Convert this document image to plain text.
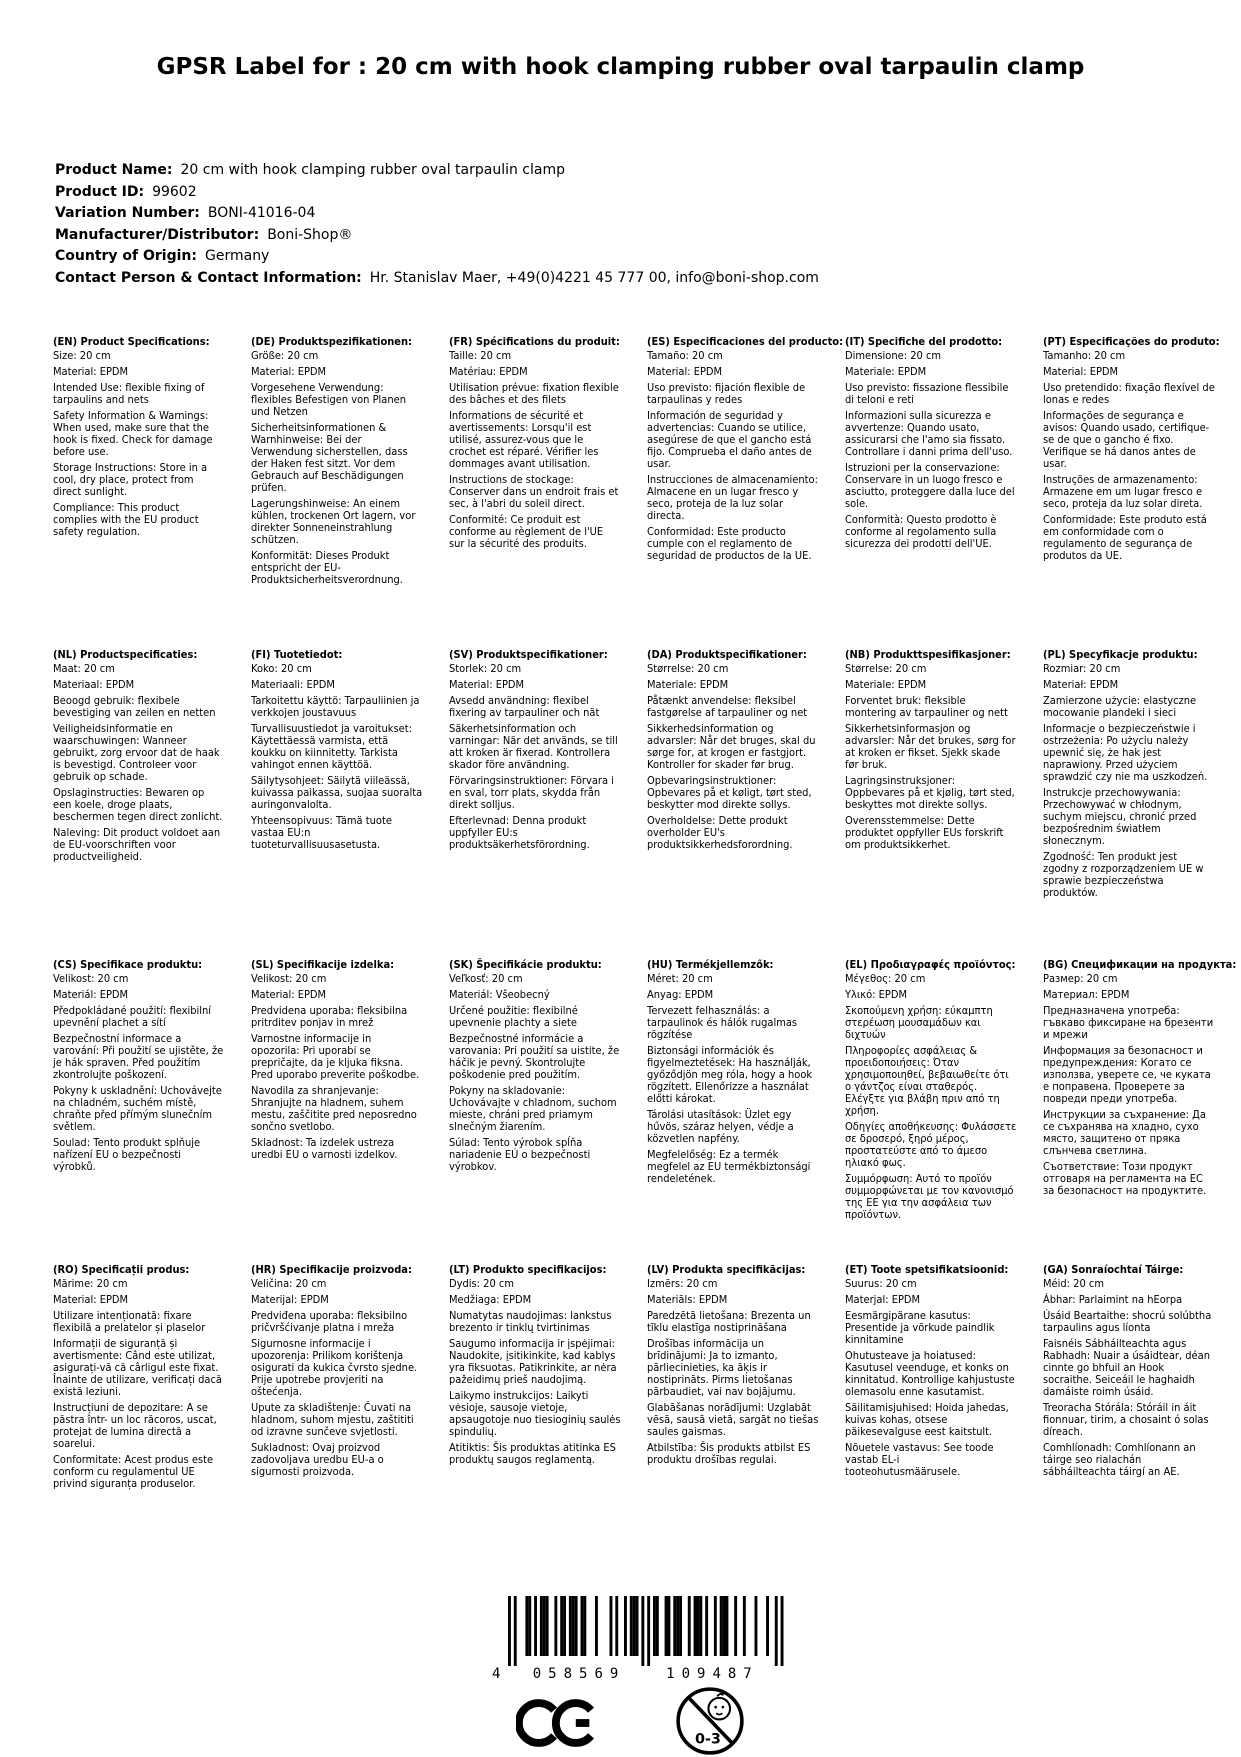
GPSR Label for : 20 cm with hook clamping rubber oval tarpaulin clamp
Product Name: 20 cm with hook clamping rubber oval tarpaulin clamp
Product ID: 99602
Variation Number: BONI-41016-04
Manufacturer/Distributor: Boni-Shop®
Country of Origin: Germany
Contact Person & Contact Information: Hr. Stanislav Maer, +49(0)4221 45 777 00, info@boni-shop.com
(EN) Product Specifications:

Size: 20 cm

Material: EPDM

Intended Use: flexible fixing of tarpaulins and nets

Safety Information & Warnings: When used, make sure that the hook is fixed. Check for damage before use.

Storage Instructions: Store in a cool, dry place, protect from direct sunlight.

Compliance: This product complies with the EU product safety regulation.

(DE) Produktspezifikationen:

Größe: 20 cm

Material: EPDM

Vorgesehene Verwendung: flexibles Befestigen von Planen und Netzen

Sicherheitsinformationen & Warnhinweise: Bei der Verwendung sicherstellen, dass der Haken fest sitzt. Vor dem Gebrauch auf Beschädigungen prüfen.

Lagerungshinweise: An einem kühlen, trockenen Ort lagern, vor direkter Sonneneinstrahlung schützen.

Konformität: Dieses Produkt entspricht der EU-Produktsicherheitsverordnung.

(FR) Spécifications du produit:

Taille: 20 cm

Matériau: EPDM

Utilisation prévue: fixation flexible des bâches et des filets

Informations de sécurité et avertissements: Lorsqu'il est utilisé, assurez-vous que le crochet est réparé. Vérifier les dommages avant utilisation.

Instructions de stockage: Conserver dans un endroit frais et sec, à l'abri du soleil direct.

Conformité: Ce produit est conforme au règlement de l'UE sur la sécurité des produits.

(ES) Especificaciones del producto:

Tamaño: 20 cm

Material: EPDM

Uso previsto: fijación flexible de tarpaulinas y redes

Información de seguridad y advertencias: Cuando se utilice, asegúrese de que el gancho está fijo. Comprueba el daño antes de usar.

Instrucciones de almacenamiento: Almacene en un lugar fresco y seco, proteja de la luz solar directa.

Conformidad: Este producto cumple con el reglamento de seguridad de productos de la UE.

(IT) Specifiche del prodotto:

Dimensione: 20 cm

Materiale: EPDM

Uso previsto: fissazione flessibile di teloni e reti

Informazioni sulla sicurezza e avvertenze: Quando usato, assicurarsi che l'amo sia fissato. Controllare i danni prima dell'uso.

Istruzioni per la conservazione: Conservare in un luogo fresco e asciutto, proteggere dalla luce del sole.

Conformità: Questo prodotto è conforme al regolamento sulla sicurezza dei prodotti dell'UE.

(PT) Especificações do produto:

Tamanho: 20 cm

Material: EPDM

Uso pretendido: fixação flexível de lonas e redes

Informações de segurança e avisos: Quando usado, certifique-se de que o gancho é fixo. Verifique se há danos antes de usar.

Instruções de armazenamento: Armazene em um lugar fresco e seco, proteja da luz solar direta.

Conformidade: Este produto está em conformidade com o regulamento de segurança de produtos da UE.

(NL) Productspecificaties:

Maat: 20 cm

Materiaal: EPDM

Beoogd gebruik: flexibele bevestiging van zeilen en netten

Veiligheidsinformatie en waarschuwingen: Wanneer gebruikt, zorg ervoor dat de haak is bevestigd. Controleer voor gebruik op schade.

Opslaginstructies: Bewaren op een koele, droge plaats, beschermen tegen direct zonlicht.

Naleving: Dit product voldoet aan de EU-voorschriften voor productveiligheid.

(FI) Tuotetiedot:

Koko: 20 cm

Materiaali: EPDM

Tarkoitettu käyttö: Tarpauliinien ja verkkojen joustavuus

Turvallisuustiedot ja varoitukset: Käytettäessä varmista, että koukku on kiinnitetty. Tarkista vahingot ennen käyttöä.

Säilytysohjeet: Säilytä viileässä, kuivassa paikassa, suojaa suoralta auringonvalolta.

Yhteensopivuus: Tämä tuote vastaa EU:n tuoteturvallisuusasetusta.

(SV) Produktspecifikationer:

Storlek: 20 cm

Material: EPDM

Avsedd användning: flexibel fixering av tarpauliner och nät

Säkerhetsinformation och varningar: När det används, se till att kroken är fixerad. Kontrollera skador före användning.

Förvaringsinstruktioner: Förvara i en sval, torr plats, skydda från direkt solljus.

Efterlevnad: Denna produkt uppfyller EU:s produktsäkerhetsförordning.

(DA) Produktspecifikationer:

Størrelse: 20 cm

Materiale: EPDM

Påtænkt anvendelse: fleksibel fastgørelse af tarpauliner og net

Sikkerhedsinformation og advarsler: Når det bruges, skal du sørge for, at krogen er fastgjort. Kontroller for skader før brug.

Opbevaringsinstruktioner: Opbevares på et køligt, tørt sted, beskytter mod direkte sollys.

Overholdelse: Dette produkt overholder EU's produktsikkerhedsforordning.

(NB) Produkttspesifikasjoner:

Størrelse: 20 cm

Materiale: EPDM

Forventet bruk: fleksible montering av tarpauliner og nett

Sikkerhetsinformasjon og advarsler: Når det brukes, sørg for at kroken er fikset. Sjekk skade før bruk.

Lagringsinstruksjoner: Oppbevares på et kjølig, tørt sted, beskyttes mot direkte sollys.

Overensstemmelse: Dette produktet oppfyller EUs forskrift om produktsikkerhet.

(PL) Specyfikacje produktu:

Rozmiar: 20 cm

Materiał: EPDM

Zamierzone użycie: elastyczne mocowanie plandeki i sieci

Informacje o bezpieczeństwie i ostrzeżenia: Po użyciu należy upewnić się, że hak jest naprawiony. Przed użyciem sprawdzić czy nie ma uszkodzeń.

Instrukcje przechowywania: Przechowywać w chłodnym, suchym miejscu, chronić przed bezpośrednim światłem słonecznym.

Zgodność: Ten produkt jest zgodny z rozporządzeniem UE w sprawie bezpieczeństwa produktów.

(CS) Specifikace produktu:

Velikost: 20 cm

Materiál: EPDM

Předpokládané použití: flexibilní upevnění plachet a sítí

Bezpečnostní informace a varování: Při použití se ujistěte, že je hák spraven. Před použitím zkontrolujte poškození.

Pokyny k uskladnění: Uchovávejte na chladném, suchém místě, chraňte před přímým slunečním světlem.

Soulad: Tento produkt splňuje nařízení EU o bezpečnosti výrobků.

(SL) Specifikacije izdelka:

Velikost: 20 cm

Material: EPDM

Predvidena uporaba: fleksibilna pritrditev ponjav in mrež

Varnostne informacije in opozorila: Pri uporabi se prepričajte, da je kljuka fiksna. Pred uporabo preverite poškodbe.

Navodila za shranjevanje: Shranjujte na hladnem, suhem mestu, zaščitite pred neposredno sončno svetlobo.

Skladnost: Ta izdelek ustreza uredbi EU o varnosti izdelkov.

(SK) Špecifikácie produktu:

Veľkosť: 20 cm

Materiál: Všeobecný

Určené použitie: flexibilné upevnenie plachty a siete

Bezpečnostné informácie a varovania: Pri použití sa uistite, že háčik je pevný. Skontrolujte poškodenie pred použitím.

Pokyny na skladovanie: Uchovávajte v chladnom, suchom mieste, chráni pred priamym slnečným žiarením.

Súlad: Tento výrobok spĺňa nariadenie EÚ o bezpečnosti výrobkov.

(HU) Termékjellemzők:

Méret: 20 cm

Anyag: EPDM

Tervezett felhasználás: a tarpaulinok és hálók rugalmas rögzítése

Biztonsági információk és figyelmeztetések: Ha használják, győződjön meg róla, hogy a hook rögzített. Ellenőrizze a használat előtti károkat.

Tárolási utasítások: Üzlet egy hűvös, száraz helyen, védje a közvetlen napfény.

Megfelelőség: Ez a termék megfelel az EU termékbiztonsági rendeletének.

(EL) Προδιαγραφές προϊόντος:

Μέγεθος: 20 cm

Υλικό: EPDM

Σκοπούμενη χρήση: εύκαμπτη στερέωση μουσαμάδων και διχτυών

Πληροφορίες ασφάλειας & προειδοποιήσεις: Όταν χρησιμοποιηθεί, βεβαιωθείτε ότι ο γάντζος είναι σταθερός. Ελέγξτε για βλάβη πριν από τη χρήση.

Οδηγίες αποθήκευσης: Φυλάσσετε σε δροσερό, ξηρό μέρος, προστατεύστε από το άμεσο ηλιακό φως.

Συμμόρφωση: Αυτό το προϊόν συμμορφώνεται με τον κανονισμό της ΕΕ για την ασφάλεια των προϊόντων.

(BG) Спецификации на продукта:

Размер: 20 cm

Материал: EPDM

Предназначена употреба: гъвкаво фиксиране на брезенти и мрежи

Информация за безопасност и предупреждения: Когато се използва, уверете се, че куката е поправена. Проверете за повреди преди употреба.

Инструкции за съхранение: Да се съхранява на хладно, сухо място, защитено от пряка слънчева светлина.

Съответствие: Този продукт отговаря на регламента на ЕС за безопасност на продуктите.

(RO) Specificații produs:

Mărime: 20 cm

Material: EPDM

Utilizare intenționată: fixare flexibilă a prelatelor și plaselor

Informații de siguranță și avertismente: Când este utilizat, asigurați-vă că cârligul este fixat. Înainte de utilizare, verificați dacă există leziuni.

Instrucțiuni de depozitare: A se păstra într- un loc răcoros, uscat, protejat de lumina directă a soarelui.

Conformitate: Acest produs este conform cu regulamentul UE privind siguranța produselor.

(HR) Specifikacije proizvoda:

Veličina: 20 cm

Materijal: EPDM

Predviđena uporaba: fleksibilno pričvršćivanje platna i mreža

Sigurnosne informacije i upozorenja: Prilikom korištenja osigurati da kukica čvrsto sjedne. Prije upotrebe provjeriti na oštećenja.

Upute za skladištenje: Čuvati na hladnom, suhom mjestu, zaštititi od izravne sunčeve svjetlosti.

Sukladnost: Ovaj proizvod zadovoljava uredbu EU-a o sigurnosti proizvoda.

(LT) Produkto specifikacijos:

Dydis: 20 cm

Medžiaga: EPDM

Numatytas naudojimas: lankstus brezento ir tinklų tvirtinimas

Saugumo informacija ir įspėjimai: Naudokite, įsitikinkite, kad kablys yra fiksuotas. Patikrinkite, ar nėra pažeidimų prieš naudojimą.

Laikymo instrukcijos: Laikyti vėsioje, sausoje vietoje, apsaugotoje nuo tiesioginių saulės spindulių.

Atitiktis: Šis produktas atitinka ES produktų saugos reglamentą.

(LV) Produkta specifikācijas:

Izmērs: 20 cm

Materiāls: EPDM

Paredzētā lietošana: Brezenta un tīklu elastīga nostiprināšana

Drošības informācija un brīdinājumi: Ja to izmanto, pārliecinieties, ka āķis ir nostiprināts. Pirms lietošanas pārbaudiet, vai nav bojājumu.

Glabāšanas norādījumi: Uzglabāt vēsā, sausā vietā, sargāt no tiešas saules gaismas.

Atbilstība: Šis produkts atbilst ES produktu drošības regulai.

(ET) Toote spetsifikatsioonid:

Suurus: 20 cm

Materjal: EPDM

Eesmärgipärane kasutus: Presentide ja võrkude paindlik kinnitamine

Ohutusteave ja hoiatused: Kasutusel veenduge, et konks on kinnitatud. Kontrollige kahjustuste olemasolu enne kasutamist.

Säilitamisjuhised: Hoida jahedas, kuivas kohas, otsese päikesevalguse eest kaitstult.

Nõuetele vastavus: See toode vastab EL-i tooteohutusmäärusele.

(GA) Sonraíochtaí Táirge:

Méid: 20 cm

Ábhar: Parlaimint na hEorpa

Úsáid Beartaithe: shocrú solúbtha tarpaulins agus líonta

Faisnéis Sábháilteachta agus Rabhadh: Nuair a úsáidtear, déan cinnte go bhfuil an Hook socraithe. Seiceáil le haghaidh damáiste roimh úsáid.

Treoracha Stórála: Stóráil in áit fionnuar, tirim, a chosaint ó solas díreach.

Comhlíonadh: Comhlíonann an táirge seo rialachán sábháilteachta táirgí an AE.

4 058569	109487
0-3
